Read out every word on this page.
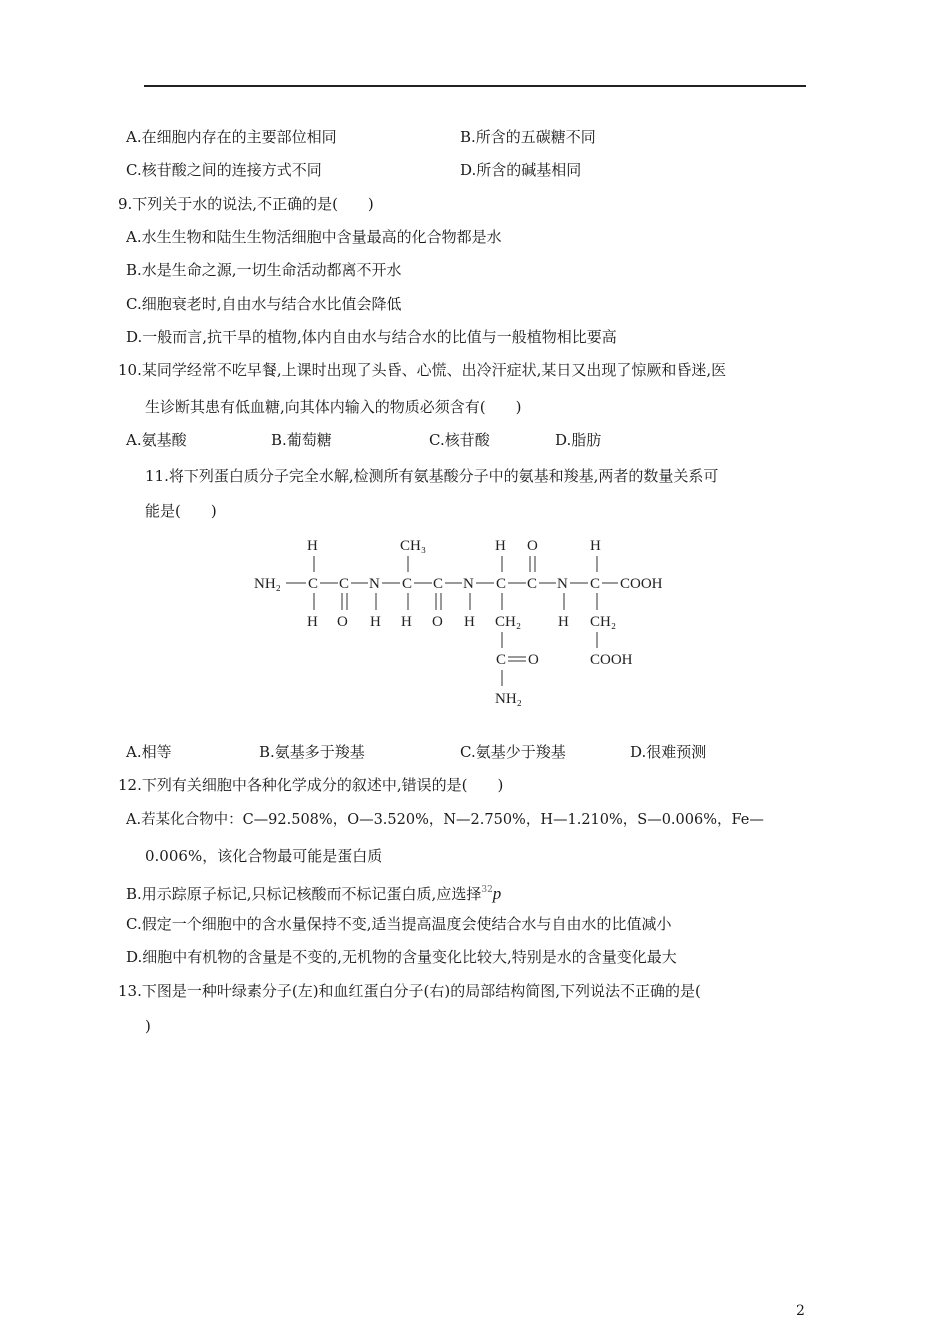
A.在细胞内存在的主要部位相同	B.所含的五碳糖不同
C.核苷酸之间的连接方式不同	D.所含的碱基相同
9.下列关于水的说法,不正确的是(　　)
A.水生生物和陆生生物活细胞中含量最高的化合物都是水
B.水是生命之源,一切生命活动都离不开水
C.细胞衰老时,自由水与结合水比值会降低
D.一般而言,抗干旱的植物,体内自由水与结合水的比值与一般植物相比要高
10.某同学经常不吃早餐,上课时出现了头昏、心慌、出冷汗症状,某日又出现了惊厥和昏迷,医
生诊断其患有低血糖,向其体内输入的物质必须含有(　　)
A.氨基酸	B.葡萄糖	C.核苷酸	D.脂肪
11.将下列蛋白质分子完全水解,检测所有氨基酸分子中的氨基和羧基,两者的数量关系可
能是(　　)
H
NH₂ C
H
C
O
N
H
CH₃
C
H
C
O
N
H
H
C
CH₂
C O
NH₂
O
C N
H
H
C COOH
CH₂
COOH
A.相等	B.氨基多于羧基	C.氨基少于羧基	D.很难预测
12.下列有关细胞中各种化学成分的叙述中,错误的是(　　)
A.若某化合物中：C—92.508%，O—3.520%，N—2.750%，H—1.210%，S—0.006%，Fe—
0.006%，该化合物最可能是蛋白质
B.用示踪原子标记,只标记核酸而不标记蛋白质,应选择$^{32}$p
C.假定一个细胞中的含水量保持不变,适当提高温度会使结合水与自由水的比值减小
D.细胞中有机物的含量是不变的,无机物的含量变化比较大,特别是水的含量变化最大
13.下图是一种叶绿素分子(左)和血红蛋白分子(右)的局部结构简图,下列说法不正确的是(
)
2
